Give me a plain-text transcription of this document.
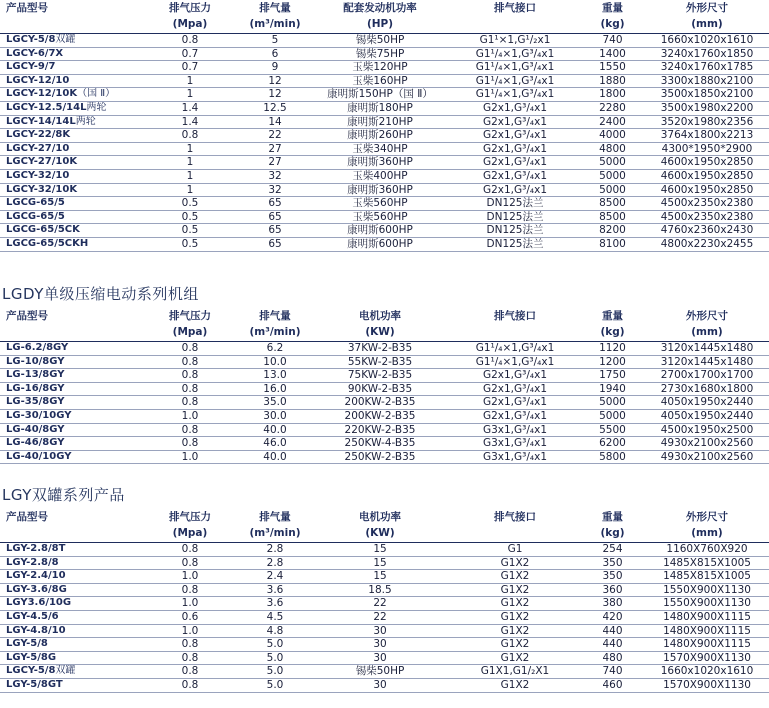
产品型号	排气压力	排气量	配套发动机功率	排气接口	重量	外形尺寸
	(Mpa)	(m³/min)	(HP)		(kg)	(mm)
LGCY-5/8双罐	0.8	5	锡柴50HP	G1¹×1,G¹/₂x1	740	1660x1020x1610
LGCY-6/7X	0.7	6	锡柴75HP	G1¹/₄×1,G³/₄x1	1400	3240x1760x1850
LGCY-9/7	0.7	9	玉柴120HP	G1¹/₄×1,G³/₄x1	1550	3240x1760x1785
LGCY-12/10	1	12	玉柴160HP	G1¹/₄×1,G³/₄x1	1880	3300x1880x2100
LGCY-12/10K（国 Ⅱ）	1	12	康明斯150HP（国 Ⅱ）	G1¹/₄×1,G³/₄x1	1800	3500x1850x2100
LGCY-12.5/14L两轮	1.4	12.5	康明斯180HP	G2x1,G³/₄x1	2280	3500x1980x2200
LGCY-14/14L两轮	1.4	14	康明斯210HP	G2x1,G³/₄x1	2400	3520x1980x2356
LGCY-22/8K	0.8	22	康明斯260HP	G2x1,G³/₄x1	4000	3764x1800x2213
LGCY-27/10	1	27	玉柴340HP	G2x1,G³/₄x1	4800	4300*1950*2900
LGCY-27/10K	1	27	康明斯360HP	G2x1,G³/₄x1	5000	4600x1950x2850
LGCY-32/10	1	32	玉柴400HP	G2x1,G³/₄x1	5000	4600x1950x2850
LGCY-32/10K	1	32	康明斯360HP	G2x1,G³/₄x1	5000	4600x1950x2850
LGCG-65/5	0.5	65	玉柴560HP	DN125法兰	8500	4500x2350x2380
LGCG-65/5	0.5	65	玉柴560HP	DN125法兰	8500	4500x2350x2380
LGCG-65/5CK	0.5	65	康明斯600HP	DN125法兰	8200	4760x2360x2430
LGCG-65/5CKH	0.5	65	康明斯600HP	DN125法兰	8100	4800x2230x2455
LGDY单级压缩电动系列机组
产品型号	排气压力	排气量	电机功率	排气接口	重量	外形尺寸
	(Mpa)	(m³/min)	(KW)		(kg)	(mm)
LG-6.2/8GY	0.8	6.2	37KW-2-B35	G1¹/₄×1,G³/₄x1	1120	3120x1445x1480
LG-10/8GY	0.8	10.0	55KW-2-B35	G1¹/₄×1,G³/₄x1	1200	3120x1445x1480
LG-13/8GY	0.8	13.0	75KW-2-B35	G2x1,G³/₄x1	1750	2700x1700x1700
LG-16/8GY	0.8	16.0	90KW-2-B35	G2x1,G³/₄x1	1940	2730x1680x1800
LG-35/8GY	0.8	35.0	200KW-2-B35	G2x1,G³/₄x1	5000	4050x1950x2440
LG-30/10GY	1.0	30.0	200KW-2-B35	G2x1,G³/₄x1	5000	4050x1950x2440
LG-40/8GY	0.8	40.0	220KW-2-B35	G3x1,G³/₄x1	5500	4500x1950x2500
LG-46/8GY	0.8	46.0	250KW-4-B35	G3x1,G³/₄x1	6200	4930x2100x2560
LG-40/10GY	1.0	40.0	250KW-2-B35	G3x1,G³/₄x1	5800	4930x2100x2560
LGY双罐系列产品
产品型号	排气压力	排气量	电机功率	排气接口	重量	外形尺寸
	(Mpa)	(m³/min)	(KW)		(kg)	(mm)
LGY-2.8/8T	0.8	2.8	15	G1	254	1160X760X920
LGY-2.8/8	0.8	2.8	15	G1X2	350	1485X815X1005
LGY-2.4/10	1.0	2.4	15	G1X2	350	1485X815X1005
LGY-3.6/8G	0.8	3.6	18.5	G1X2	360	1550X900X1130
LGY3.6/10G	1.0	3.6	22	G1X2	380	1550X900X1130
LGY-4.5/6	0.6	4.5	22	G1X2	420	1480X900X1115
LGY-4.8/10	1.0	4.8	30	G1X2	440	1480X900X1115
LGY-5/8	0.8	5.0	30	G1X2	440	1480X900X1115
LGY-5/8G	0.8	5.0	30	G1X2	480	1570X900X1130
LGCY-5/8双罐	0.8	5.0	锡柴50HP	G1X1,G1/₂X1	740	1660x1020x1610
LGY-5/8GT	0.8	5.0	30	G1X2	460	1570X900X1130
